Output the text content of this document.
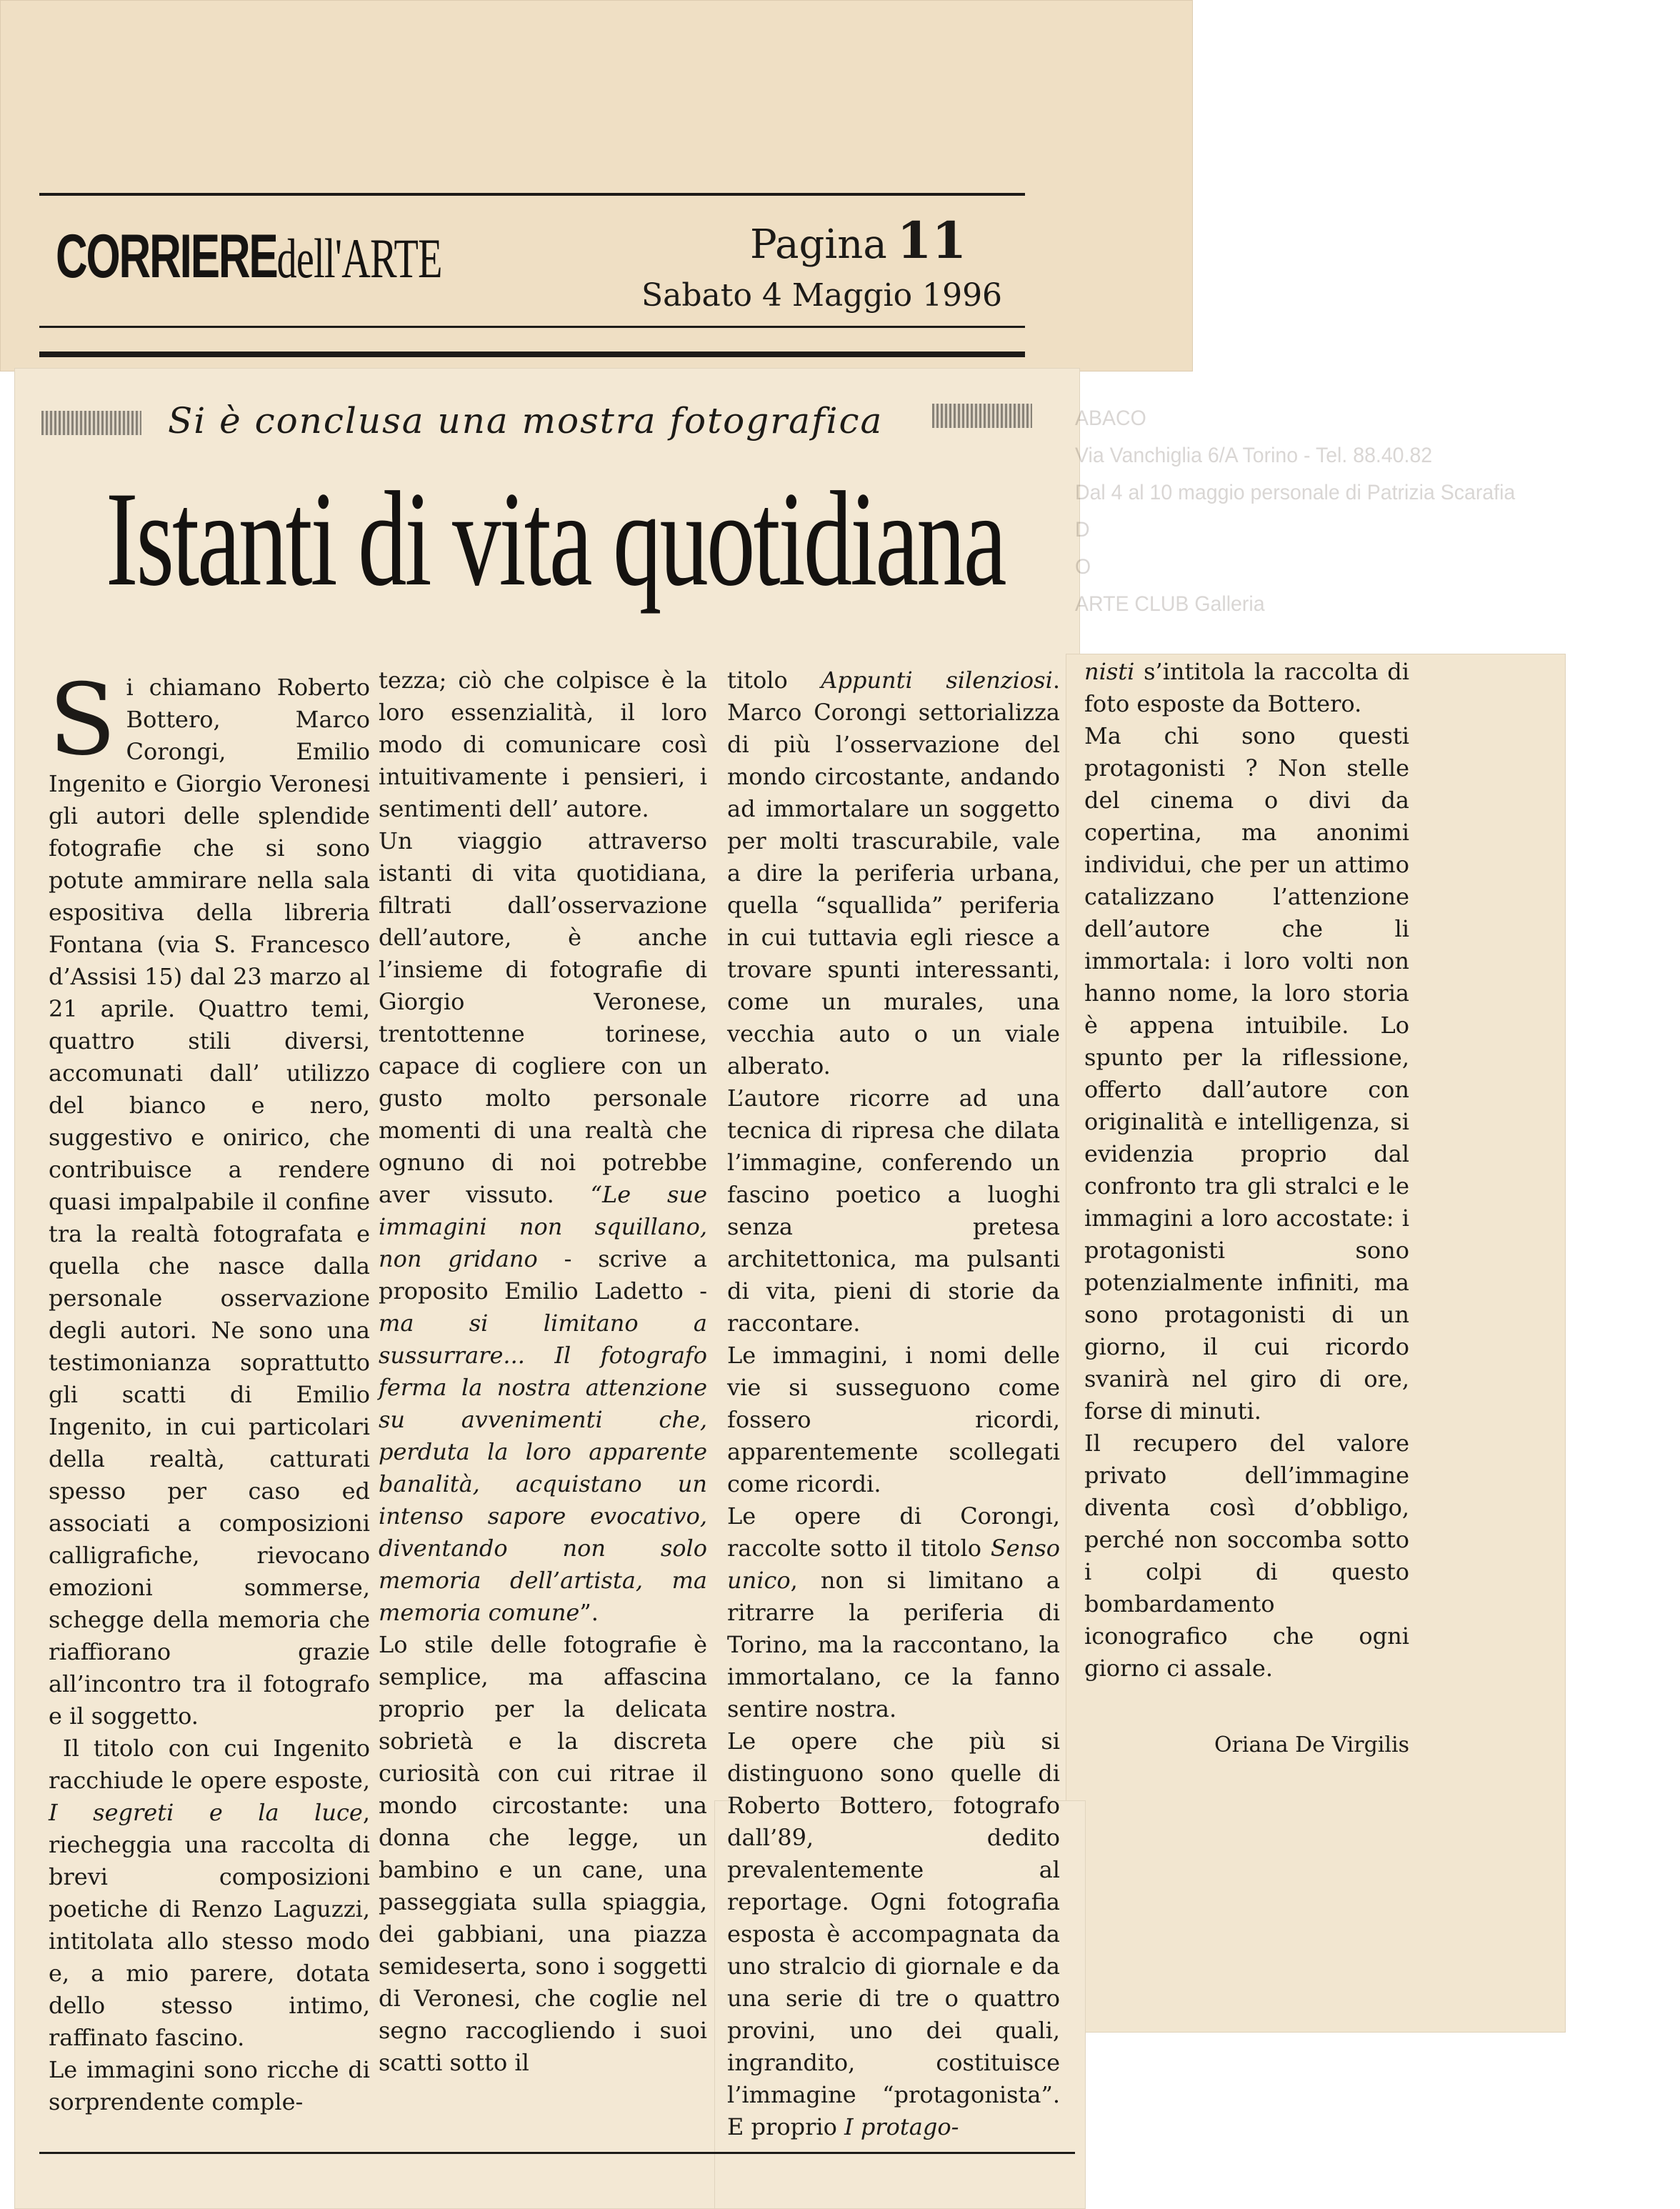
ABACO
Via Vanchiglia 6/A Torino - Tel. 88.40.82
Dal 4 al 10 maggio personale di Patrizia Scarafia
D
O
ARTE CLUB Galleria
CORRIEREdell'ARTE	Pagina 11
Sabato 4 Maggio 1996
Si è conclusa una mostra fotografica
Istanti di vita quotidiana

Si chiamano Roberto Bottero, Marco Corongi, Emilio Ingenito e Giorgio Veronesi gli autori delle splendide fotografie che si sono potute ammirare nella sala espositiva della libreria Fontana (via S. Francesco d’Assisi 15) dal 23 marzo al 21 aprile. Quattro temi, quattro stili diversi, accomunati dall’ utilizzo del bianco e nero, suggestivo e onirico, che contribuisce a rendere quasi impalpabile il confine tra la realtà fotografata e quella che nasce dalla personale osservazione degli autori. Ne sono una testimonianza soprattutto gli scatti di Emilio Ingenito, in cui particolari della realtà, catturati spesso per caso ed associati a composizioni calligrafiche, rievocano emozioni sommerse, schegge della memoria che riaffiorano grazie all’incontro tra il fotografo e il soggetto.

Il titolo con cui Ingenito racchiude le opere esposte, I segreti e la luce, riecheggia una raccolta di brevi composizioni poetiche di Renzo Laguzzi, intitolata allo stesso modo e, a mio parere, dotata dello stesso intimo, raffinato fascino.

Le immagini sono ricche di sorprendente comple-

tezza; ciò che colpisce è la loro essenzialità, il loro modo di comunicare così intuitivamente i pensieri, i sentimenti dell’ autore.

Un viaggio attraverso istanti di vita quotidiana, filtrati dall’osservazione dell’autore, è anche l’insieme di fotografie di Giorgio Veronese, trentottenne torinese, capace di cogliere con un gusto molto personale momenti di una realtà che ognuno di noi potrebbe aver vissuto. “Le sue immagini non squillano, non gridano - scrive a proposito Emilio Ladetto - ma si limitano a sussurrare... Il fotografo ferma la nostra attenzione su avvenimenti che, perduta la loro apparente banalità, acquistano un intenso sapore evocativo, diventando non solo memoria dell’artista, ma memoria comune”.

Lo stile delle fotografie è semplice, ma affascina proprio per la delicata sobrietà e la discreta curiosità con cui ritrae il mondo circostante: una donna che legge, un bambino e un cane, una passeggiata sulla spiaggia, dei gabbiani, una piazza semideserta, sono i soggetti di Veronesi, che coglie nel segno raccogliendo i suoi scatti sotto il

titolo Appunti silenziosi. Marco Corongi settorializza di più l’osservazione del mondo circostante, andando ad immortalare un soggetto per molti trascurabile, vale a dire la periferia urbana, quella “squallida” periferia in cui tuttavia egli riesce a trovare spunti interessanti, come un murales, una vecchia auto o un viale alberato.

L’autore ricorre ad una tecnica di ripresa che dilata l’immagine, conferendo un fascino poetico a luoghi senza pretesa architettonica, ma pulsanti di vita, pieni di storie da raccontare.

Le immagini, i nomi delle vie si susseguono come fossero ricordi, apparentemente scollegati come ricordi.

Le opere di Corongi, raccolte sotto il titolo Senso unico, non si limitano a ritrarre la periferia di Torino, ma la raccontano, la immortalano, ce la fanno sentire nostra.

Le opere che più si distinguono sono quelle di Roberto Bottero, fotografo dall’89, dedito prevalentemente al reportage. Ogni fotografia esposta è accompagnata da uno stralcio di giornale e da una serie di tre o quattro provini, uno dei quali, ingrandito, costituisce l’immagine “protagonista”. E proprio I protago-

nisti s’intitola la raccolta di foto esposte da Bottero.

Ma chi sono questi protagonisti ? Non stelle del cinema o divi da copertina, ma anonimi individui, che per un attimo catalizzano l’attenzione dell’autore che li immortala: i loro volti non hanno nome, la loro storia è appena intuibile. Lo spunto per la riflessione, offerto dall’autore con originalità e intelligenza, si evidenzia proprio dal confronto tra gli stralci e le immagini a loro accostate: i protagonisti sono potenzialmente infiniti, ma sono protagonisti di un giorno, il cui ricordo svanirà nel giro di ore, forse di minuti.

Il recupero del valore privato dell’immagine diventa così d’obbligo, perché non soccomba sotto i colpi di questo bombardamento iconografico che ogni giorno ci assale.

Oriana De Virgilis
